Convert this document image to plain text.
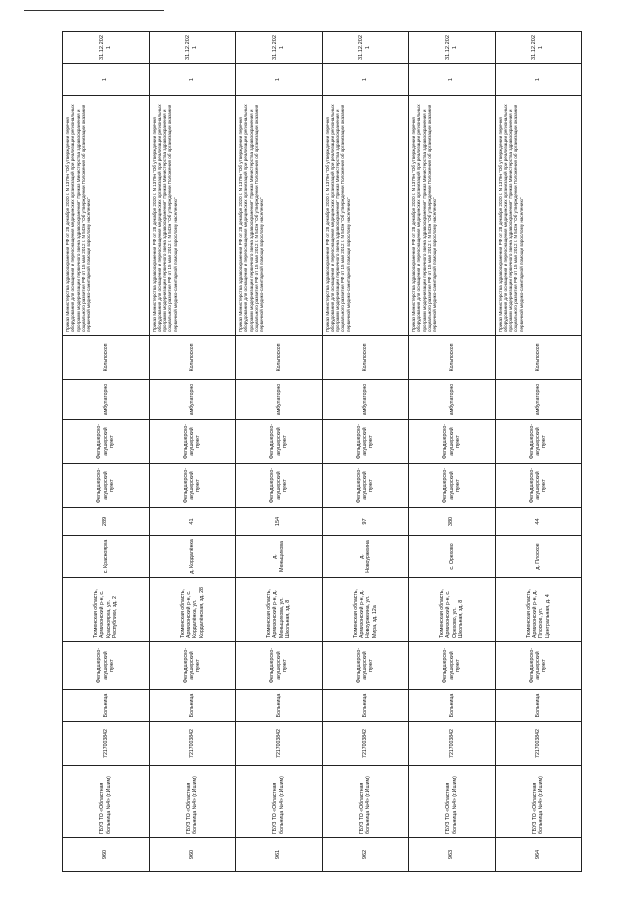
960	ГБУЗ ТО «Областная больница №4» (г.Ишим)	7217003842	Больница	Фельдшерско-акушерский пункт	Тюменская область, Армизонский р-н, с. Красноярка, ул. Республики, зд. 2	с. Красноярка	289	Фельдшерско-акушерский пункт	Фельдшерско-акушерский пункт	амбулаторно	Кольпоскоп	Приказ Министерства здравоохранения РФ от 28 декабря 2020 г. N 1379н "Об утверждении перечня оборудования для оснащения и переоснащения медицинских организаций при реализации региональных программ модернизации первичного звена здравоохранения" Приказ Министерства здравоохранения и социального развития РФ от 15 мая 2012 г. N 543н "Об утверждении Положения об организации оказания первичной медико-санитарной помощи взрослому населению"	1	31.12.2021
960	ГБУЗ ТО «Областная больница №4» (г.Ишим)	7217003842	Больница	Фельдшерско-акушерский пункт	Тюменская область, Армизонский р-н, с. Кордалёнка, ул. Кордалёнская, зд. 28	д. Кордалёнка	41	Фельдшерско-акушерский пункт	Фельдшерско-акушерский пункт	амбулаторно	Кольпоскоп	Приказ Министерства здравоохранения РФ от 28 декабря 2020 г. N 1379н "Об утверждении перечня оборудования для оснащения и переоснащения медицинских организаций при реализации региональных программ модернизации первичного звена здравоохранения" Приказ Министерства здравоохранения и социального развития РФ от 15 мая 2012 г. N 543н "Об утверждении Положения об организации оказания первичной медико-санитарной помощи взрослому населению"	1	31.12.2021
961	ГБУЗ ТО «Областная больница №4» (г.Ишим)	7217003842	Больница	Фельдшерско-акушерский пункт	Тюменская область, Армизонский р-н, д. Меньщикова, ул. Школьная, зд. 8	д. Меньщикова	154	Фельдшерско-акушерский пункт	Фельдшерско-акушерский пункт	амбулаторно	Кольпоскоп	Приказ Министерства здравоохранения РФ от 28 декабря 2020 г. N 1379н "Об утверждении перечня оборудования для оснащения и переоснащения медицинских организаций при реализации региональных программ модернизации первичного звена здравоохранения" Приказ Министерства здравоохранения и социального развития РФ от 15 мая 2012 г. N 543н "Об утверждении Положения об организации оказания первичной медико-санитарной помощи взрослому населению"	1	31.12.2021
962	ГБУЗ ТО «Областная больница №4» (г.Ишим)	7217003842	Больница	Фельдшерско-акушерский пункт	Тюменская область, Армизонский р-н, д. Новоуржеина, ул. Мира, зд. 12а	д. Новоуржеина	97	Фельдшерско-акушерский пункт	Фельдшерско-акушерский пункт	амбулаторно	Кольпоскоп	Приказ Министерства здравоохранения РФ от 28 декабря 2020 г. N 1379н "Об утверждении перечня оборудования для оснащения и переоснащения медицинских организаций при реализации региональных программ модернизации первичного звена здравоохранения" Приказ Министерства здравоохранения и социального развития РФ от 15 мая 2012 г. N 543н "Об утверждении Положения об организации оказания первичной медико-санитарной помощи взрослому населению"	1	31.12.2021
963	ГБУЗ ТО «Областная больница №4» (г.Ишим)	7217003842	Больница	Фельдшерско-акушерский пункт	Тюменская область, Армизонский р-н, с. Орехово, ул. Школьная, зд. 8	с. Орехово	380	Фельдшерско-акушерский пункт	Фельдшерско-акушерский пункт	амбулаторно	Кольпоскоп	Приказ Министерства здравоохранения РФ от 28 декабря 2020 г. N 1379н "Об утверждении перечня оборудования для оснащения и переоснащения медицинских организаций при реализации региональных программ модернизации первичного звена здравоохранения" Приказ Министерства здравоохранения и социального развития РФ от 15 мая 2012 г. N 543н "Об утверждении Положения об организации оказания первичной медико-санитарной помощи взрослому населению"	1	31.12.2021
964	ГБУЗ ТО «Областная больница №4» (г.Ишим)	7217003842	Больница	Фельдшерско-акушерский пункт	Тюменская область, Армизонский р-н, д. Плоское, ул. Центральная, д. 4	д. Плоское	44	Фельдшерско-акушерский пункт	Фельдшерско-акушерский пункт	амбулаторно	Кольпоскоп	Приказ Министерства здравоохранения РФ от 28 декабря 2020 г. N 1379н "Об утверждении перечня оборудования для оснащения и переоснащения медицинских организаций при реализации региональных программ модернизации первичного звена здравоохранения" Приказ Министерства здравоохранения и социального развития РФ от 15 мая 2012 г. N 543н "Об утверждении Положения об организации оказания первичной медико-санитарной помощи взрослому населению"	1	31.12.2021
